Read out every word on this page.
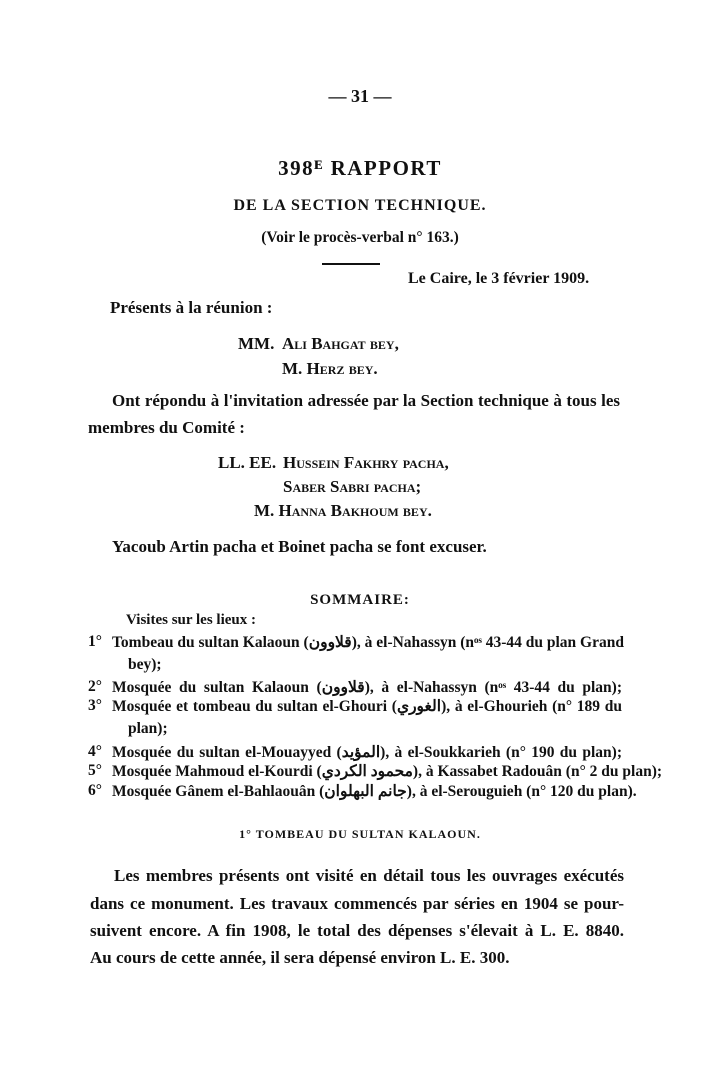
— 31 —
398ᴱ RAPPORT
DE LA SECTION TECHNIQUE.
(Voir le procès-verbal n° 163.)
Le Caire, le 3 février 1909.
Présents à la réunion :
MM. Ali Bahgat bey,
M. Herz bey.
Ont répondu à l'invitation adressée par la Section technique à tous les
membres du Comité :
LL. EE. Hussein Fakhry pacha,
Saber Sabri pacha;
M. Hanna Bakhoum bey.
Yacoub Artin pacha et Boinet pacha se font excuser.
SOMMAIRE:
Visites sur les lieux :
1° Tombeau du sultan Kalaoun (قلاوون), à el-Nahassyn (nᵒˢ 43-44 du plan Grand
bey);
2° Mosquée du sultan Kalaoun (قلاوون), à el-Nahassyn (nᵒˢ 43-44 du plan);
3° Mosquée et tombeau du sultan el-Ghouri (الغوري), à el-Ghourieh (n° 189 du
plan);
4° Mosquée du sultan el-Mouayyed (المؤيد), à el-Soukkarieh (n° 190 du plan);
5° Mosquée Mahmoud el-Kourdi (محمود الكردي), à Kassabet Radouân (n° 2 du plan);
6° Mosquée Gânem el-Bahlaouân (جانم البهلوان), à el-Serouguieh (n° 120 du plan).
1° TOMBEAU DU SULTAN KALAOUN.
Les membres présents ont visité en détail tous les ouvrages exécutés
dans ce monument. Les travaux commencés par séries en 1904 se pour-
suivent encore. A fin 1908, le total des dépenses s'élevait à L. E. 8840.
Au cours de cette année, il sera dépensé environ L. E. 300.
